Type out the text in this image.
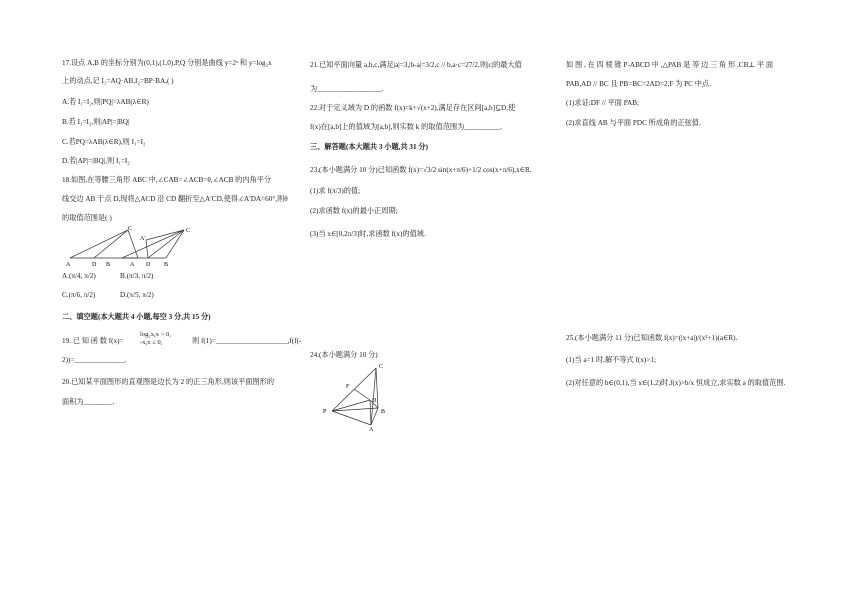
17.设点 A,B 的坐标分别为(0,1),(1,0),P,Q 分别是曲线 y=2ˣ 和 y=log₂x

上的动点,记 I₁=AQ·AB,I₂=BP·BA,( )

A.若 I₁=I₂,则|PQ|=λAB(λ∈R)

B.若 I₁=I₂,则|AP|=|BQ|

C.若PQ=λAB(λ∈R),则 I₁=I₂

D.若|AP|=|BQ|,则 I₁=I₂

18.如图,在等腰三角形 ABC 中,∠CAB=∠ACB=θ,∠ACB 的内角平分

线交边 AB 于点 D,现将△ACD 沿 CD 翻折至△A′CD,使得∠A′DA=60°,则θ

的取值范围是( )

A	D B
C
A D B
C
A′

A.(π/4, π/2)	B.(π/3, π/2)

C.(π/6, π/2)	D.(π/5, π/2)

二、填空题(本大题共 4 小题,每空 3 分,共 15 分)

19. 已 知 函 数 f(x)=

log₂x,x > 0,

-x,x ≤ 0,	则 f(1)=____________________,f(f(-

2))=______________.

20.已知某平面图形的直观图是边长为 2 的正三角形,则该平面图形的

面积为________.

21.已知平面向量 a,b,c,满足|a|=3,|b-a|=3/2,c // b,a·c=27/2,则|c|的最大值

为__________________.

22.对于定义域为 D 的函数 f(x)=k+√(x+2),满足存在区间[a,b]⊆D,使

f(x)在[a,b]上的值域为[a,b],则实数 k 的取值范围为__________.

三、解答题(本大题共 3 小题,共 31 分)

23.(本小题满分 10 分)已知函数 f(x)=√3/2 sin(x+π/6)+1/2 cos(x+π/6),x∈R.

(1)求 f(π/3)的值;

(2)求函数 f(x)的最小正周期;

(3)当 x∈[0,2π/3]时,求函数 f(x)的值域.

24.(本小题满分 10 分)

C
F
D
P	B
A

如 图 , 在 四 棱 锥 P-ABCD 中 ,△PAB 是 等 边 三 角 形 ,CB⊥ 平 面

PAB,AD // BC 且 PB=BC=2AD=2,F 为 PC 中点.

(1)求证:DF // 平面 PAB;

(2)求直线 AB 与平面 PDC 所成角的正弦值.

25.(本小题满分 11 分)已知函数 f(x)=(|x+a|)/(x²+1)(a∈R).

(1)当 a=1 时,解不等式 f(x)>1;

(2)对任意的 b∈(0,1),当 x∈(1,2)时,f(x)>b/x 恒成立,求实数 a 的取值范围.
